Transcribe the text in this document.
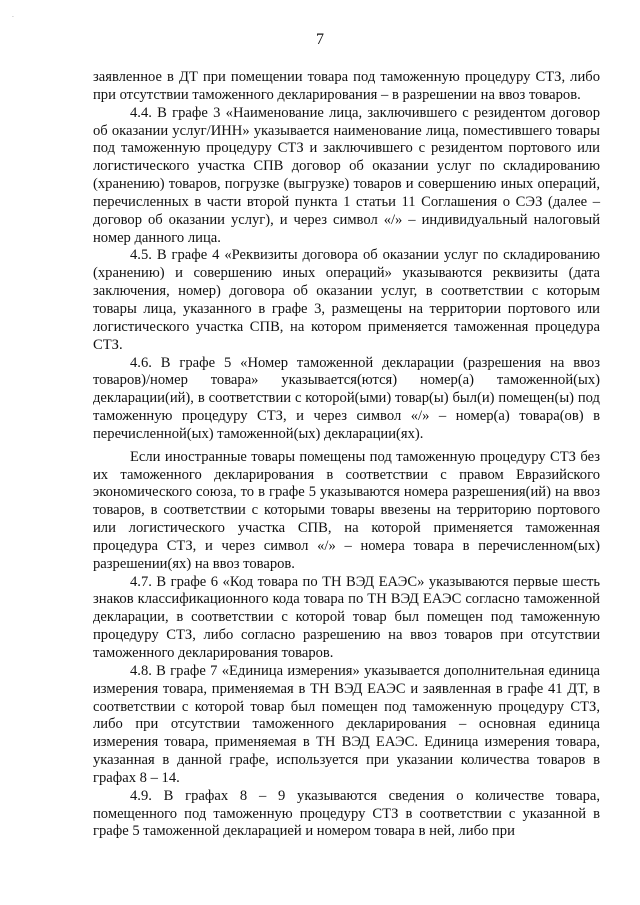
·
7

заявленное в ДТ при помещении товара под таможенную процедуру СТЗ, либо при отсутствии таможенного декларирования – в разрешении на ввоз товаров.

4.4. В графе 3 «Наименование лица, заключившего с резидентом договор об оказании услуг/ИНН» указывается наименование лица, поместившего товары под таможенную процедуру СТЗ и заключившего с резидентом портового или логистического участка СПВ договор об оказании услуг по складированию (хранению) товаров, погрузке (выгрузке) товаров и совершению иных операций, перечисленных в части второй пункта 1 статьи 11 Соглашения о СЭЗ (далее – договор об оказании услуг), и через символ «/» – индивидуальный налоговый номер данного лица.

4.5. В графе 4 «Реквизиты договора об оказании услуг по складированию (хранению) и совершению иных операций» указываются реквизиты (дата заключения, номер) договора об оказании услуг, в соответствии с которым товары лица, указанного в графе 3, размещены на территории портового или логистического участка СПВ, на котором применяется таможенная процедура СТЗ.

4.6. В графе 5 «Номер таможенной декларации (разрешения на ввоз товаров)/номер товара» указывается(ются) номер(а) таможенной(ых) декларации(ий), в соответствии с которой(ыми) товар(ы) был(и) помещен(ы) под таможенную процедуру СТЗ, и через символ «/» – номер(а) товара(ов) в перечисленной(ых) таможенной(ых) декларации(ях).

Если иностранные товары помещены под таможенную процедуру СТЗ без их таможенного декларирования в соответствии с правом Евразийского экономического союза, то в графе 5 указываются номера разрешения(ий) на ввоз товаров, в соответствии с которыми товары ввезены на территорию портового или логистического участка СПВ, на которой применяется таможенная процедура СТЗ, и через символ «/» – номера товара в перечисленном(ых) разрешении(ях) на ввоз товаров.

4.7. В графе 6 «Код товара по ТН ВЭД ЕАЭС» указываются первые шесть знаков классификационного кода товара по ТН ВЭД ЕАЭС согласно таможенной декларации, в соответствии с которой товар был помещен под таможенную процедуру СТЗ, либо согласно разрешению на ввоз товаров при отсутствии таможенного декларирования товаров.

4.8. В графе 7 «Единица измерения» указывается дополнительная единица измерения товара, применяемая в ТН ВЭД ЕАЭС и заявленная в графе 41 ДТ, в соответствии с которой товар был помещен под таможенную процедуру СТЗ, либо при отсутствии таможенного декларирования – основная единица измерения товара, применяемая в ТН ВЭД ЕАЭС. Единица измерения товара, указанная в данной графе, используется при указании количества товаров в графах 8 – 14.

4.9. В графах 8 – 9 указываются сведения о количестве товара, помещенного под таможенную процедуру СТЗ в соответствии с указанной в графе 5 таможенной декларацией и номером товара в ней, либо при
